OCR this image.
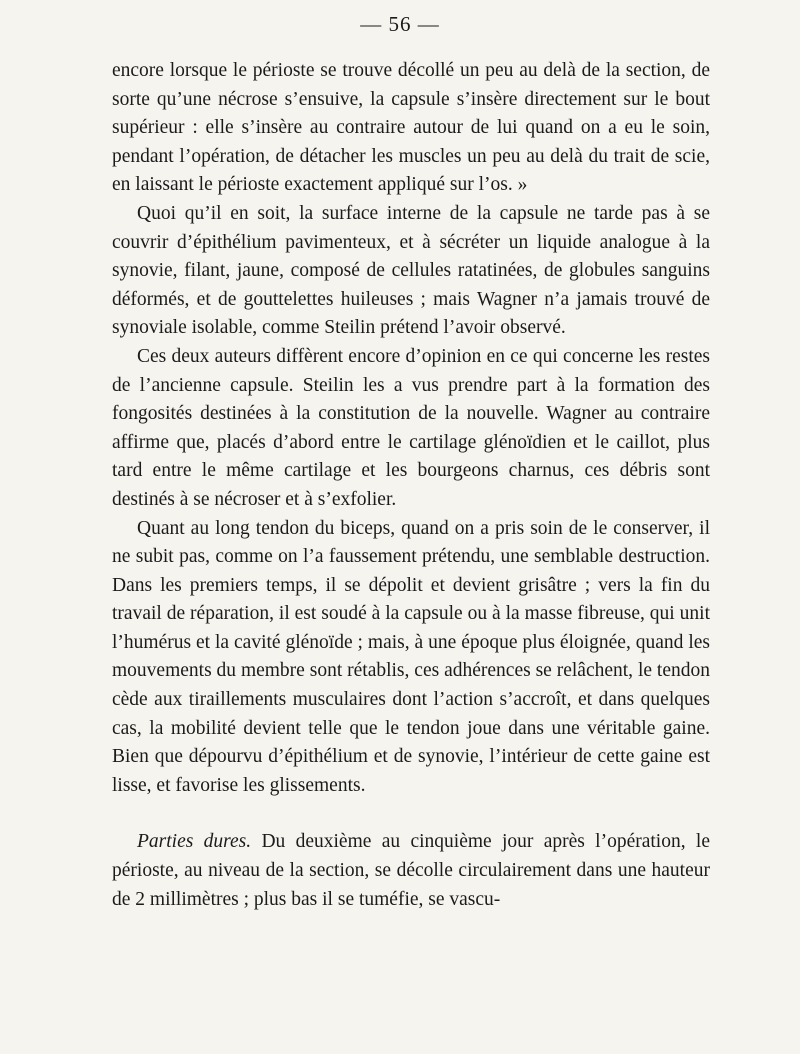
— 56 —

encore lorsque le périoste se trouve décollé un peu au delà de la section, de sorte qu’une nécrose s’ensuive, la capsule s’insère directement sur le bout supérieur : elle s’insère au contraire autour de lui quand on a eu le soin, pendant l’opération, de détacher les muscles un peu au delà du trait de scie, en laissant le périoste exactement appliqué sur l’os. »

Quoi qu’il en soit, la surface interne de la capsule ne tarde pas à se couvrir d’épithélium pavimenteux, et à sécréter un liquide analogue à la synovie, filant, jaune, composé de cellules ratatinées, de globules sanguins déformés, et de gouttelettes huileuses ; mais Wagner n’a jamais trouvé de synoviale isolable, comme Steilin prétend l’avoir observé.

Ces deux auteurs diffèrent encore d’opinion en ce qui concerne les restes de l’ancienne capsule. Steilin les a vus prendre part à la formation des fongosités destinées à la constitution de la nouvelle. Wagner au contraire affirme que, placés d’abord entre le cartilage glénoïdien et le caillot, plus tard entre le même cartilage et les bourgeons charnus, ces débris sont destinés à se nécroser et à s’exfolier.

Quant au long tendon du biceps, quand on a pris soin de le conserver, il ne subit pas, comme on l’a faussement prétendu, une semblable destruction. Dans les premiers temps, il se dépolit et devient grisâtre ; vers la fin du travail de réparation, il est soudé à la capsule ou à la masse fibreuse, qui unit l’humérus et la cavité glénoïde ; mais, à une époque plus éloignée, quand les mouvements du membre sont rétablis, ces adhérences se relâchent, le tendon cède aux tiraillements musculaires dont l’action s’accroît, et dans quelques cas, la mobilité devient telle que le tendon joue dans une véritable gaine. Bien que dépourvu d’épithélium et de synovie, l’intérieur de cette gaine est lisse, et favorise les glissements.

Parties dures. Du deuxième au cinquième jour après l’opération, le périoste, au niveau de la section, se décolle circulairement dans une hauteur de 2 millimètres ; plus bas il se tuméfie, se vascu-
